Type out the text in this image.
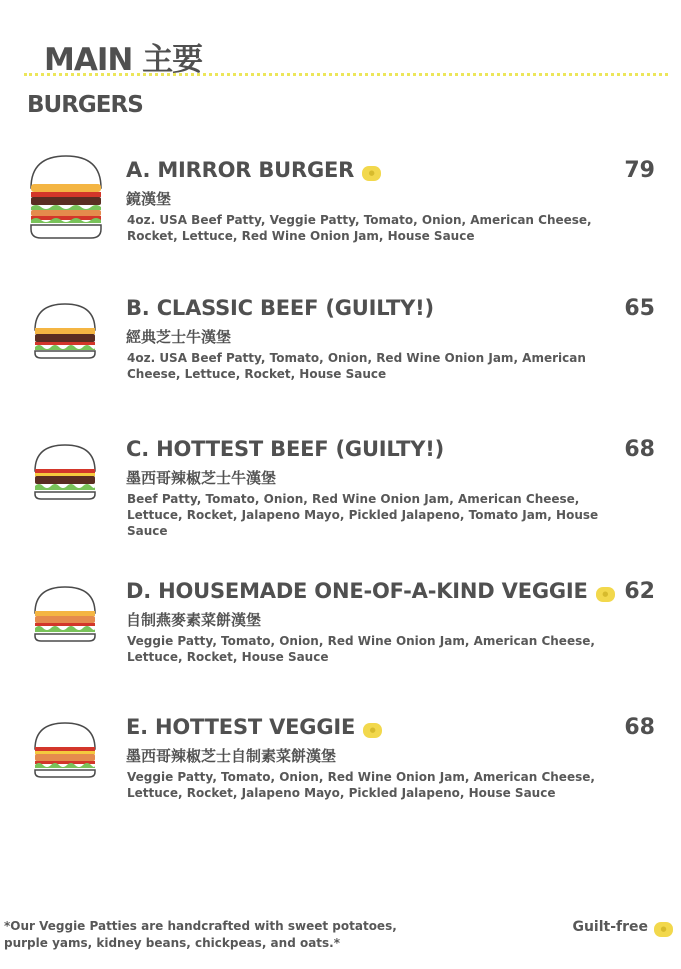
MAIN 主要
BURGERS
A. MIRROR BURGER ●
鏡漢堡
4oz. USA Beef Patty, Veggie Patty, Tomato, Onion, American Cheese, Rocket, Lettuce, Red Wine Onion Jam, House Sauce
79
B. CLASSIC BEEF (GUILTY!)
經典芝士牛漢堡
4oz. USA Beef Patty, Tomato, Onion, Red Wine Onion Jam, American Cheese, Lettuce, Rocket, House Sauce
65
C. HOTTEST BEEF (GUILTY!)
墨西哥辣椒芝士牛漢堡
Beef Patty, Tomato, Onion, Red Wine Onion Jam, American Cheese, Lettuce, Rocket, Jalapeno Mayo, Pickled Jalapeno, Tomato Jam, House Sauce
68
D. HOUSEMADE ONE-OF-A-KIND VEGGIE ●
自制燕麥素菜餅漢堡
Veggie Patty, Tomato, Onion, Red Wine Onion Jam, American Cheese, Lettuce, Rocket, House Sauce
62
E. HOTTEST VEGGIE ●
墨西哥辣椒芝士自制素菜餅漢堡
Veggie Patty, Tomato, Onion, Red Wine Onion Jam, American Cheese, Lettuce, Rocket, Jalapeno Mayo, Pickled Jalapeno, House Sauce
68
*Our Veggie Patties are handcrafted with sweet potatoes, purple yams, kidney beans, chickpeas, and oats.*
Guilt-free ●
